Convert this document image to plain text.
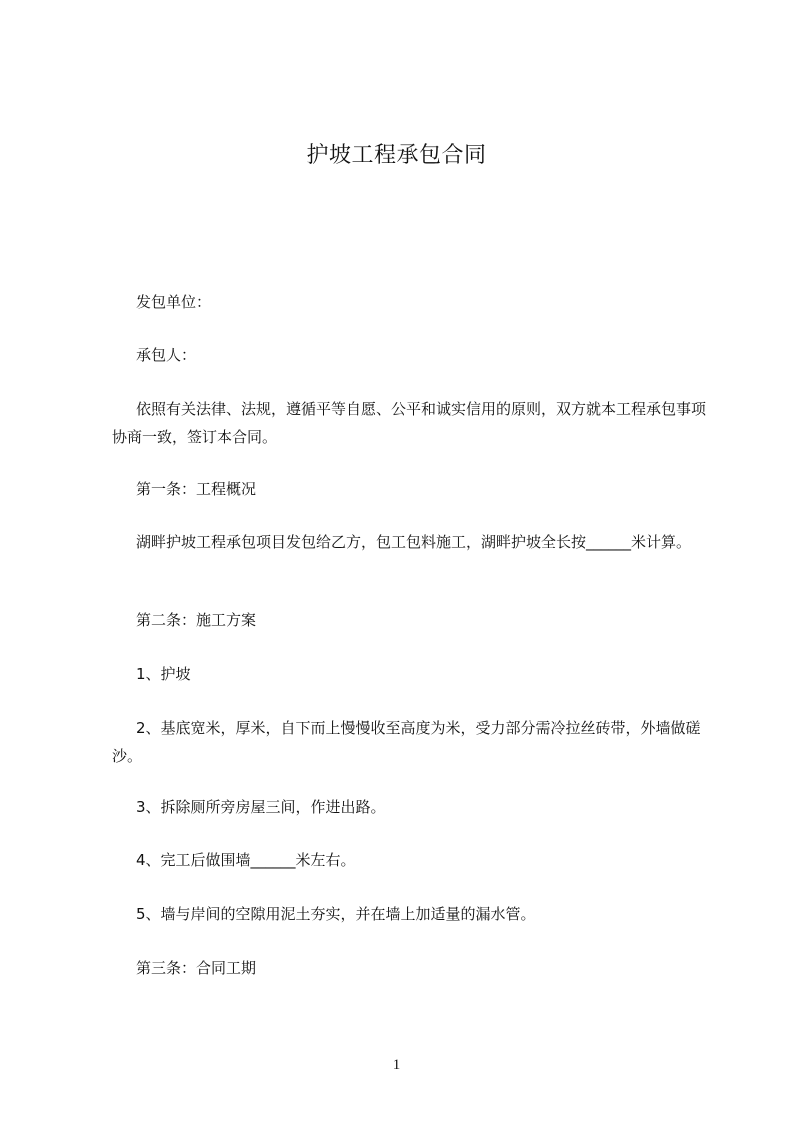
护坡工程承包合同

发包单位：

承包人：

依照有关法律、法规，遵循平等自愿、公平和诚实信用的原则，双方就本工程承包事项协商一致，签订本合同。

第一条：工程概况

湖畔护坡工程承包项目发包给乙方，包工包料施工，湖畔护坡全长按______米计算。

第二条：施工方案

1、护坡

2、基底宽米，厚米，自下而上慢慢收至高度为米，受力部分需冷拉丝砖带，外墙做磋沙。

3、拆除厕所旁房屋三间，作进出路。

4、完工后做围墙______米左右。

5、墙与岸间的空隙用泥土夯实，并在墙上加适量的漏水管。

第三条：合同工期

1
